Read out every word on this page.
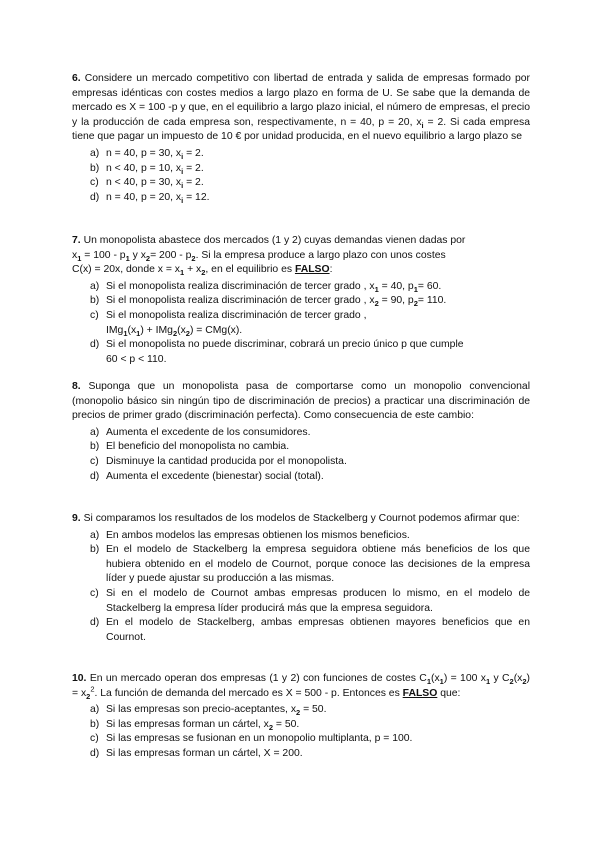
6. Considere un mercado competitivo con libertad de entrada y salida de empresas formado por empresas idénticas con costes medios a largo plazo en forma de U. Se sabe que la demanda de mercado es X = 100 -p y que, en el equilibrio a largo plazo inicial, el número de empresas, el precio y la producción de cada empresa son, respectivamente, n = 40, p = 20, $x_i = 2$. Si cada empresa tiene que pagar un impuesto de 10 € por unidad producida, en el nuevo equilibrio a largo plazo se

a) n = 40, p = 30, $x_i = 2$.
b) n < 40, p = 10, $x_i = 2$.
c) n < 40, p = 30, $x_i = 2$.
d) n = 40, p = 20, $x_i = 12$.

7. Un monopolista abastece dos mercados (1 y 2) cuyas demandas vienen dadas por
$x_1 = 100 - p_1$ y $x_2= 200 - p_2$. Si la empresa produce a largo plazo con unos costes
C(x) = 20x, donde $x = x_1 + x_2$, en el equilibrio es FALSO:

a) Si el monopolista realiza discriminación de tercer grado , $x_1 = 40$, $p_1= 60$.
b) Si el monopolista realiza discriminación de tercer grado , $x_2 = 90$, $p_2= 110$.
c) Si el monopolista realiza discriminación de tercer grado ,
$IMg_1(x_1) + IMg_2(x_2) = CMg(x)$.
d) Si el monopolista no puede discriminar, cobrará un precio único p que cumple
60 < p < 110.

8. Suponga que un monopolista pasa de comportarse como un monopolio convencional (monopolio básico sin ningún tipo de discriminación de precios) a practicar una discriminación de precios de primer grado (discriminación perfecta). Como consecuencia de este cambio:

a) Aumenta el excedente de los consumidores.
b) El beneficio del monopolista no cambia.
c) Disminuye la cantidad producida por el monopolista.
d) Aumenta el excedente (bienestar) social (total).

9. Si comparamos los resultados de los modelos de Stackelberg y Cournot podemos afirmar que:

a) En ambos modelos las empresas obtienen los mismos beneficios.
b) En el modelo de Stackelberg la empresa seguidora obtiene más beneficios de los que hubiera obtenido en el modelo de Cournot, porque conoce las decisiones de la empresa líder y puede ajustar su producción a las mismas.
c) Si en el modelo de Cournot ambas empresas producen lo mismo, en el modelo de Stackelberg la empresa líder producirá más que la empresa seguidora.
d) En el modelo de Stackelberg, ambas empresas obtienen mayores beneficios que en Cournot.

10. En un mercado operan dos empresas (1 y 2) con funciones de costes $C_1(x_1) = 100$ $x_1$ y $C_2(x_2) = x_2^2$. La función de demanda del mercado es X = 500 - p. Entonces es FALSO que:

a) Si las empresas son precio-aceptantes, $x_2 = 50$.
b) Si las empresas forman un cártel, $x_2 = 50$.
c) Si las empresas se fusionan en un monopolio multiplanta, p = 100.
d) Si las empresas forman un cártel, X = 200.
